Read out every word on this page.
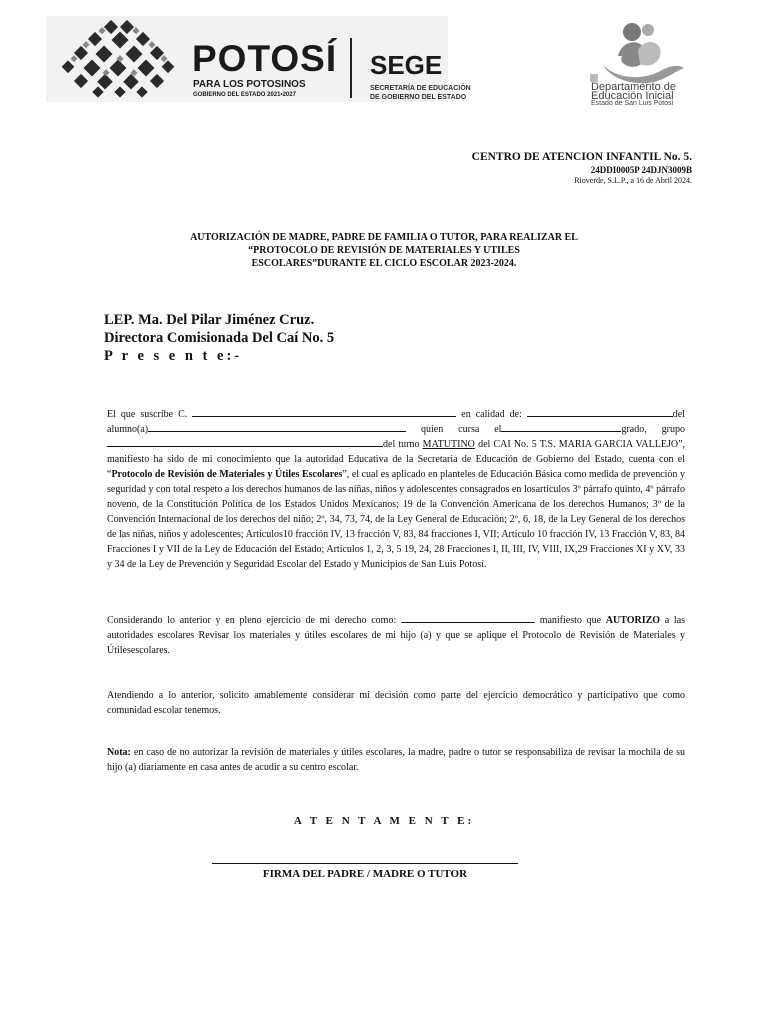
POTOSÍ
PARA LOS POTOSINOS
GOBIERNO DEL ESTADO 2021•2027
SEGE
SECRETARÍA DE EDUCACIÓN
DE GOBIERNO DEL ESTADO
Departamento de
Educación Inicial
Estado de San Luis Potosí
CENTRO DE ATENCION INFANTIL No. 5.
24DDI0005P 24DJN3009B
Rioverde, S.L.P., a 16 de Abril 2024.
AUTORIZACIÓN DE MADRE, PADRE DE FAMILIA O TUTOR, PARA REALIZAR EL
“PROTOCOLO DE REVISIÓN DE MATERIALES Y UTILES
ESCOLARES”DURANTE EL CICLO ESCOLAR 2023-2024.
LEP. Ma. Del Pilar Jiménez Cruz.
Directora Comisionada Del Caí No. 5
P r e s e n t e:-
El que suscribe C.	en calidad de:	del alumno(a)	quien cursa el	grado, grupodel turno MATUTINO del CAI No. 5 T.S. MARIA GARCIA VALLEJO”, manifiesto ha sido de mi conocimiento que la autoridad Educativa de la Secretaria de Educación de Gobierno del Estado, cuenta con el “Protocolo de Revisión de Materiales y Útiles Escolares”, el cual es aplicado en planteles de Educación Básica como medida de prevención y seguridad y con total respeto a los derechos humanos de las niñas, niños y adolescentes consagrados en losartículos 3º párrafo quinto, 4º párrafo noveno, de la Constitución Política de los Estados Unidos Mexicanos; 19 de la Convención Americana de los derechos Humanos; 3º de la Convención Internacional de los derechos del niño; 2º, 34, 73, 74, de la Ley General de Educación; 2º, 6, 18, de la Ley General de los derechos de las niñas, niños y adolescentes; Artículos10 fracción IV, 13 fracción V, 83, 84 fracciones I, VII; Artículo 10 fracción IV, 13 Fracción V, 83, 84 Fracciones I y VII de la Ley de Educación del Estado; Artículos 1, 2, 3, 5 19, 24, 28 Fracciones I, II, III, IV, VIII, IX,29 Fracciones XI y XV, 33 y 34 de la Ley de Prevención y Seguridad Escolar del Estado y Municipios de San Luis Potosí.
Considerando lo anterior y en pleno ejercicio de mi derecho como:	manifiesto que AUTORIZO a las autoridades escolares Revisar los materiales y útiles escolares de mi hijo (a) y que se aplique el Protocolo de Revisión de Materiales y Útilesescolares.
Atendiendo a lo anterior, solicito amablemente considerar mi decisión como parte del ejercicio democrático y participativo que como comunidad escolar tenemos.
Nota: en caso de no autorizar la revisión de materiales y útiles escolares, la madre, padre o tutor se responsabiliza de revisar la mochila de su hijo (a) diariamente en casa antes de acudir a su centro escolar.
A T E N T A M E N T E:
FIRMA DEL PADRE / MADRE O TUTOR
